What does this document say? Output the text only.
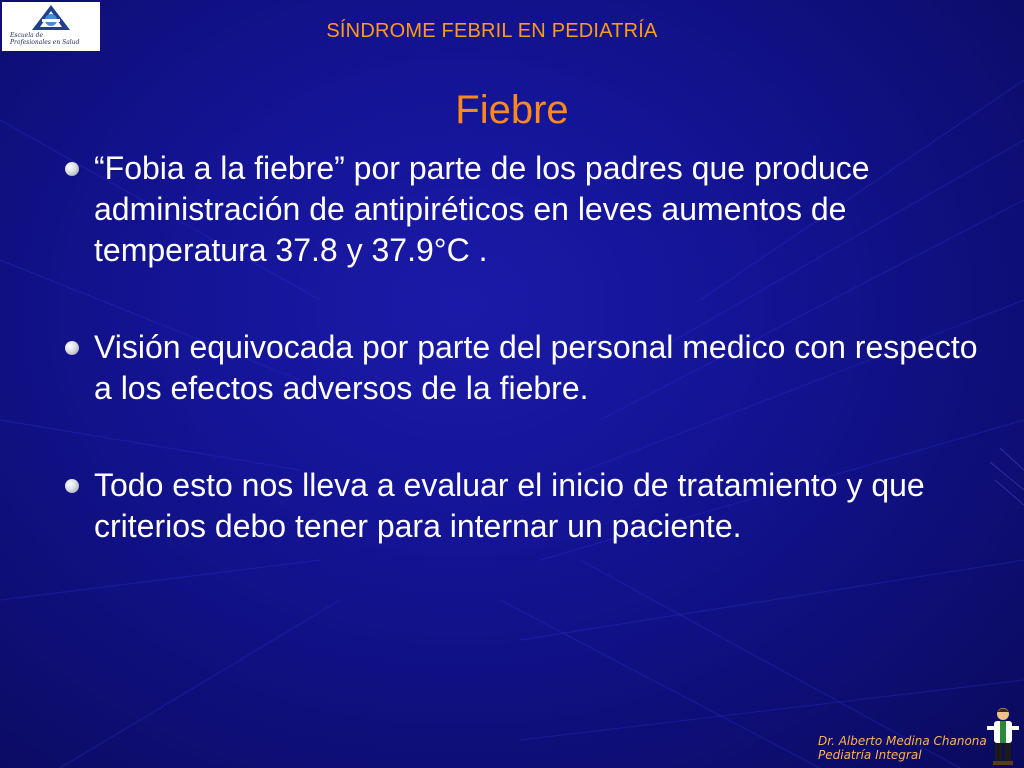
Escuela de
Profesionales en Salud
SÍNDROME FEBRIL EN PEDIATRÍA
Fiebre
“Fobia a la fiebre” por parte de los padres que produce administración de antipiréticos en leves aumentos de temperatura 37.8 y 37.9°C .
Visión equivocada por parte del personal medico con respecto a los efectos adversos de la fiebre.
Todo esto nos lleva a evaluar el inicio de tratamiento y que criterios debo tener para internar un paciente.
Dr. Alberto Medina Chanona
Pediatría Integral
